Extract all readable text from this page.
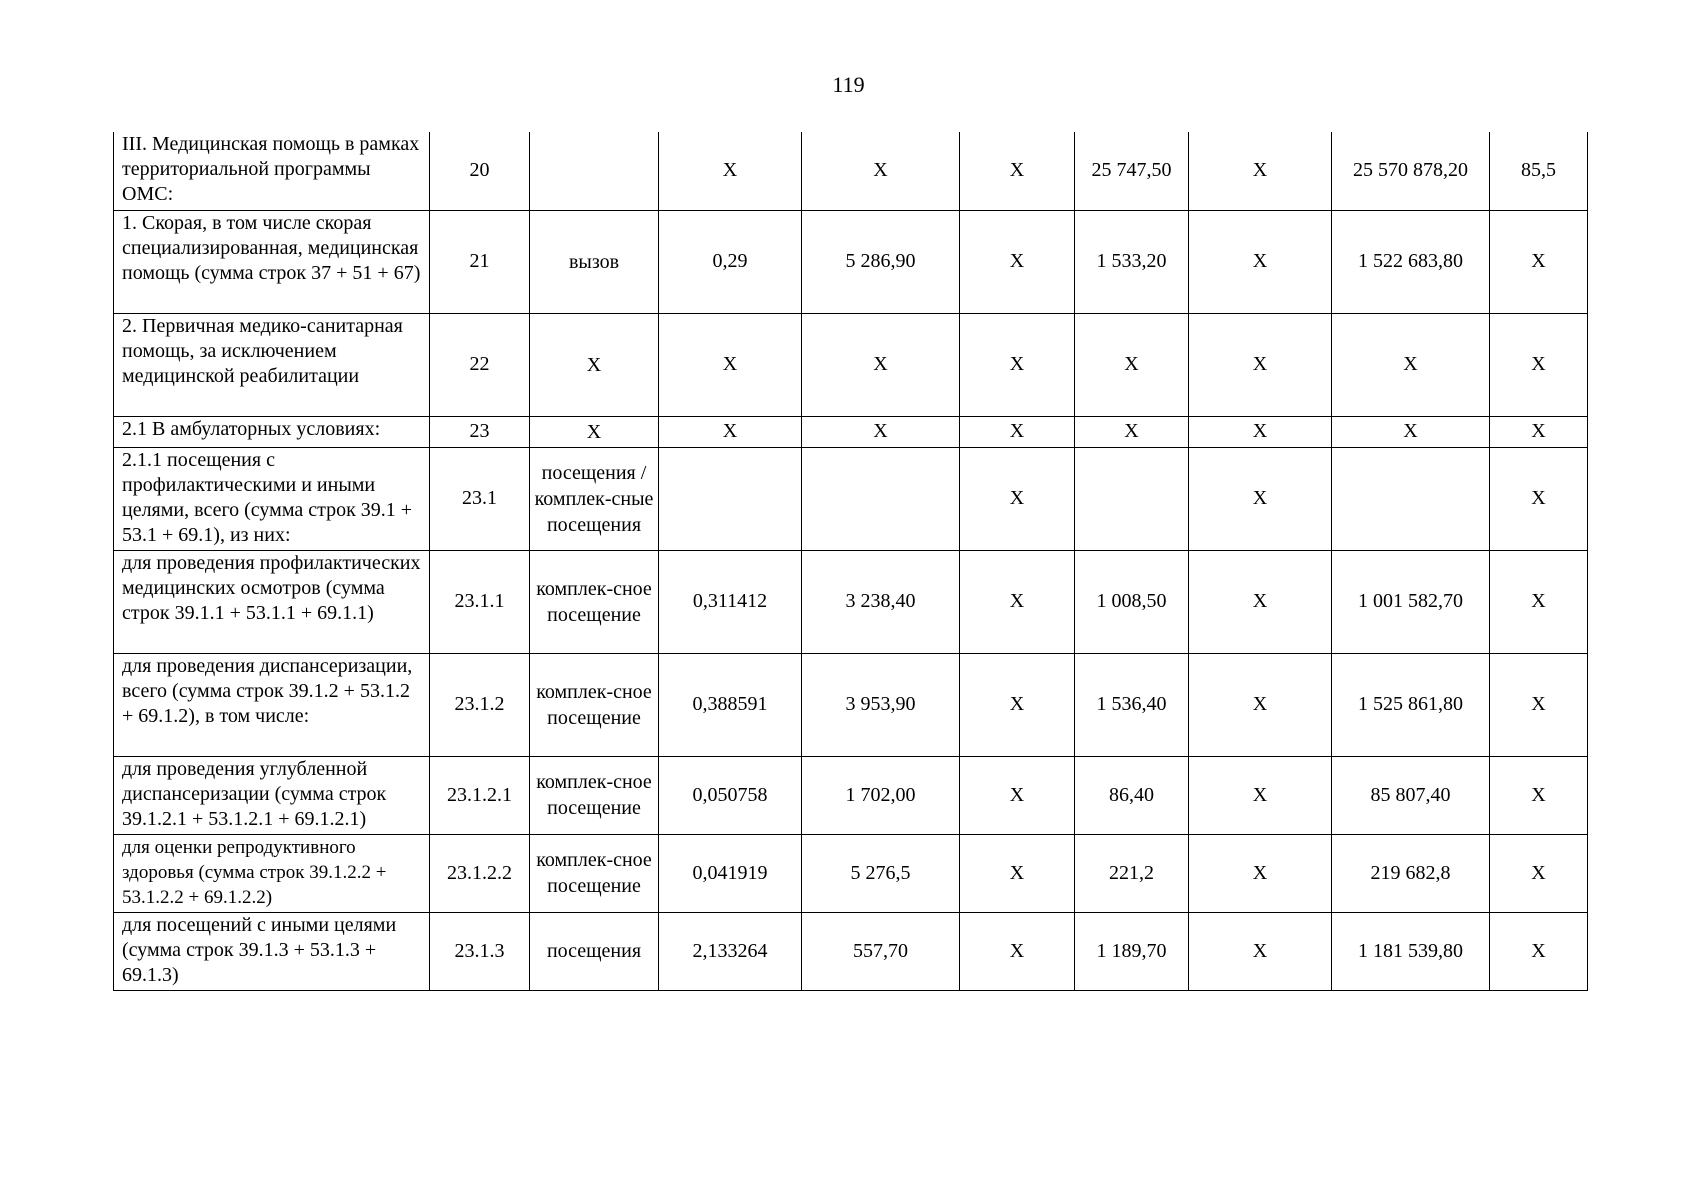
119
III. Медицинская помощь в рамках территориальной программы ОМС:	20		X	X	X	25 747,50	X	25 570 878,20	85,5
1. Скорая, в том числе скорая специализированная, медицинская помощь (сумма строк 37 + 51 + 67)	21	вызов	0,29	5 286,90	X	1 533,20	X	1 522 683,80	X
2. Первичная медико-санитарная помощь, за исключением медицинской реабилитации	22	X	X	X	X	X	X	X	X
2.1 В амбулаторных условиях:	23	X	X	X	X	X	X	X	X
2.1.1 посещения с профилактическими и иными целями, всего (сумма строк 39.1 + 53.1 + 69.1), из них:	23.1	посещения /комплек-сные посещения			X		X		X
для проведения профилактических медицинских осмотров (сумма строк 39.1.1 + 53.1.1 + 69.1.1)	23.1.1	комплек-сное посещение	0,311412	3 238,40	X	1 008,50	X	1 001 582,70	X
для проведения диспансеризации, всего (сумма строк 39.1.2 + 53.1.2 + 69.1.2), в том числе:	23.1.2	комплек-сное посещение	0,388591	3 953,90	X	1 536,40	X	1 525 861,80	X
для проведения углубленной диспансеризации (сумма строк 39.1.2.1 + 53.1.2.1 + 69.1.2.1)	23.1.2.1	комплек-сное посещение	0,050758	1 702,00	X	86,40	X	85 807,40	X
для оценки репродуктивного здоровья (сумма строк 39.1.2.2 + 53.1.2.2 + 69.1.2.2)	23.1.2.2	комплек-сное посещение	0,041919	5 276,5	X	221,2	X	219 682,8	X
для посещений с иными целями (сумма строк 39.1.3 + 53.1.3 + 69.1.3)	23.1.3	посещения	2,133264	557,70	X	1 189,70	X	1 181 539,80	X
